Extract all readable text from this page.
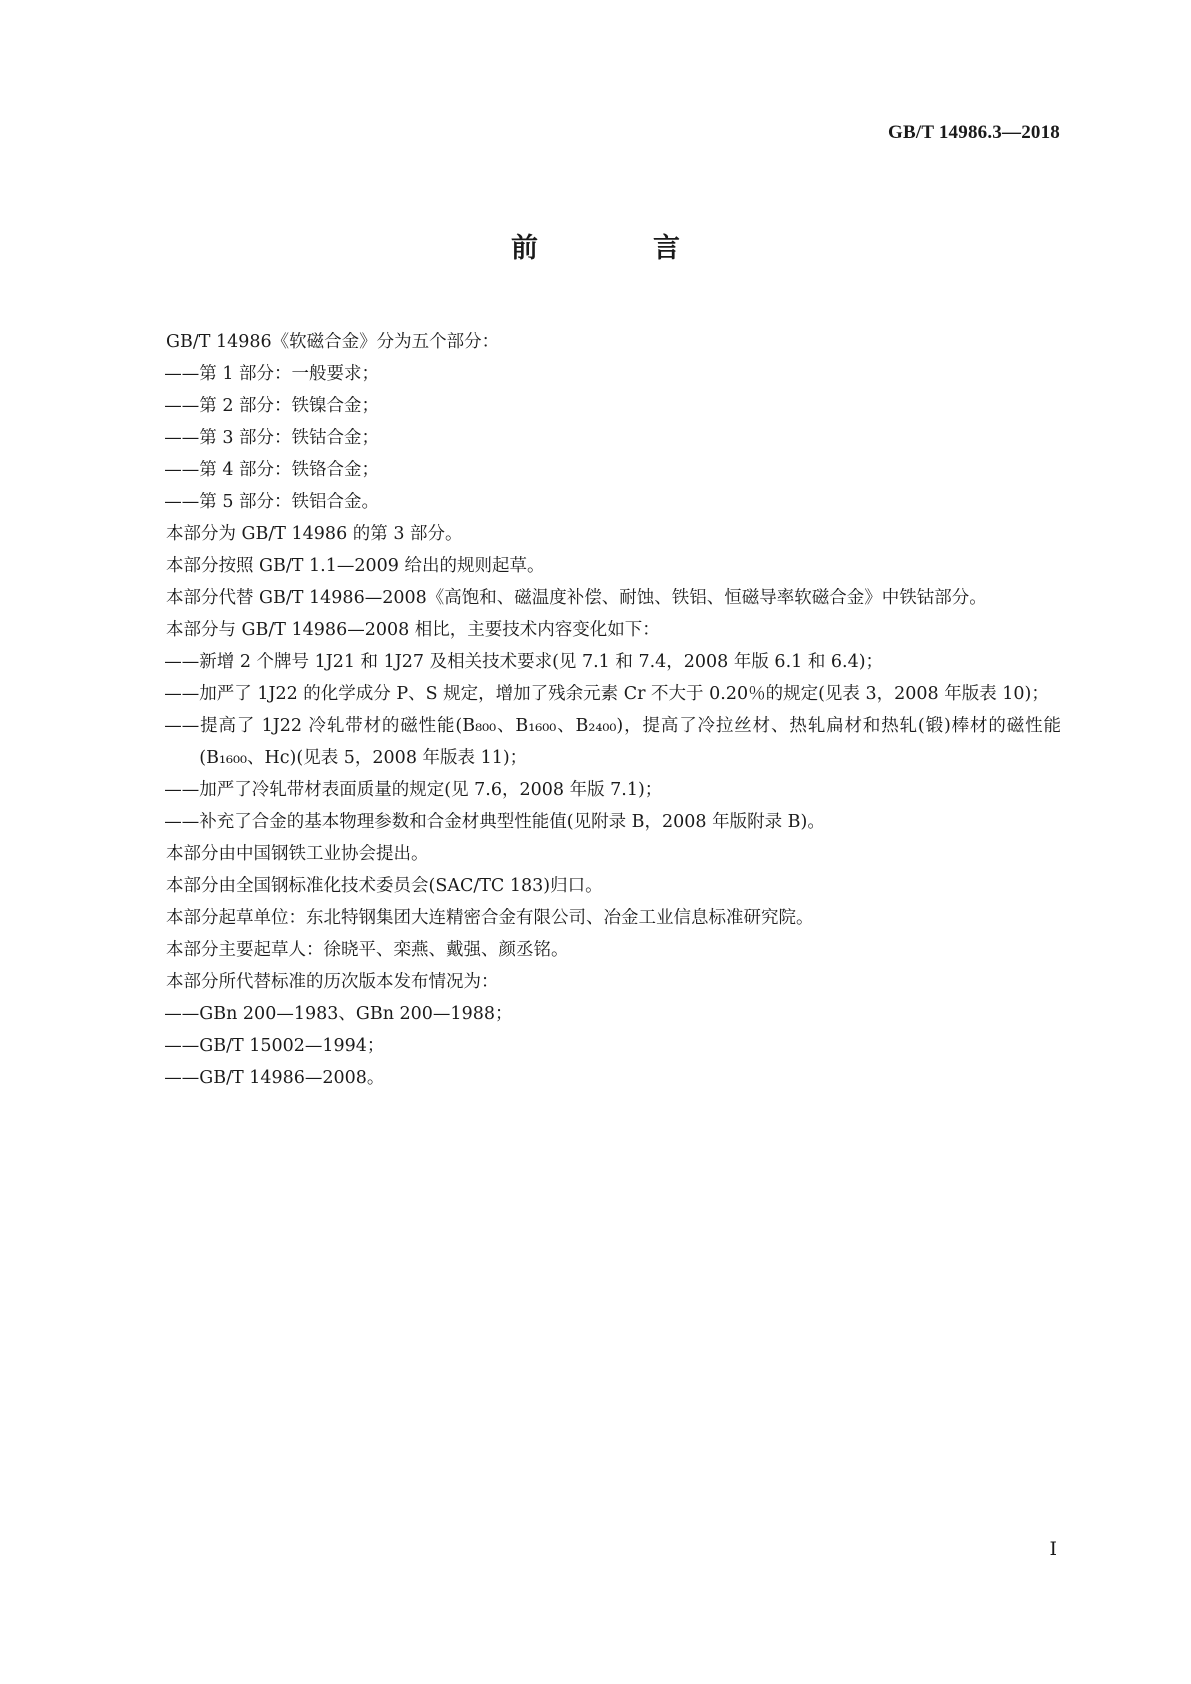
GB/T 14986.3—2018
前　言

GB/T 14986《软磁合金》分为五个部分：

——第 1 部分：一般要求；

——第 2 部分：铁镍合金；

——第 3 部分：铁钴合金；

——第 4 部分：铁铬合金；

——第 5 部分：铁铝合金。

本部分为 GB/T 14986 的第 3 部分。

本部分按照 GB/T 1.1—2009 给出的规则起草。

本部分代替 GB/T 14986—2008《高饱和、磁温度补偿、耐蚀、铁铝、恒磁导率软磁合金》中铁钴部分。

本部分与 GB/T 14986—2008 相比，主要技术内容变化如下：

——新增 2 个牌号 1J21 和 1J27 及相关技术要求(见 7.1 和 7.4，2008 年版 6.1 和 6.4)；

——加严了 1J22 的化学成分 P、S 规定，增加了残余元素 Cr 不大于 0.20％的规定(见表 3，2008 年版表 10)；

——提高了 1J22 冷轧带材的磁性能(B₈₀₀、B₁₆₀₀、B₂₄₀₀)，提高了冷拉丝材、热轧扁材和热轧(锻)棒材的磁性能(B₁₆₀₀、Hc)(见表 5，2008 年版表 11)；

——加严了冷轧带材表面质量的规定(见 7.6，2008 年版 7.1)；

——补充了合金的基本物理参数和合金材典型性能值(见附录 B，2008 年版附录 B)。

本部分由中国钢铁工业协会提出。

本部分由全国钢标准化技术委员会(SAC/TC 183)归口。

本部分起草单位：东北特钢集团大连精密合金有限公司、冶金工业信息标准研究院。

本部分主要起草人：徐晓平、栾燕、戴强、颜丞铭。

本部分所代替标准的历次版本发布情况为：

——GBn 200—1983、GBn 200—1988；

——GB/T 15002—1994；

——GB/T 14986—2008。

I
